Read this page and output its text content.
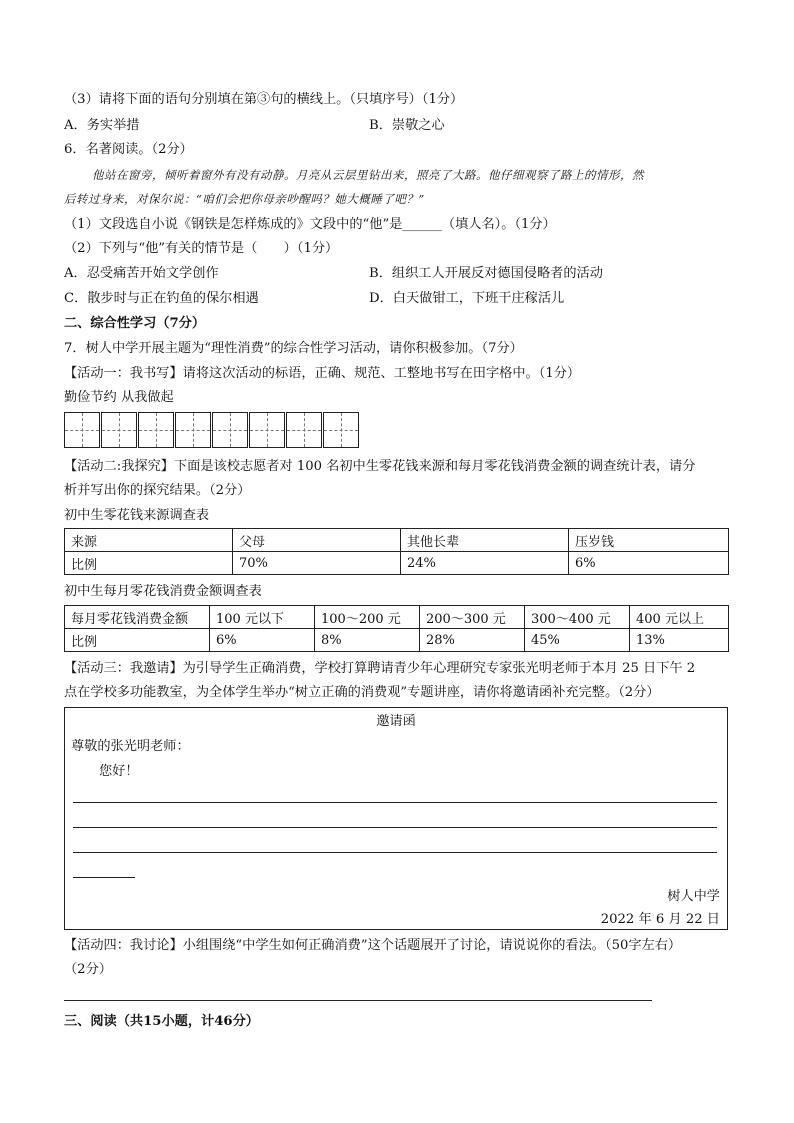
（3）请将下面的语句分别填在第③句的横线上。（只填序号）（1分）
A．务实举措	B．崇敬之心
6．名著阅读。（2分）
他站在窗旁，倾听着窗外有没有动静。月亮从云层里钻出来，照亮了大路。他仔细观察了路上的情形，然
后转过身来，对保尔说：“咱们会把你母亲吵醒吗？她大概睡了吧？”
（1）文段选自小说《钢铁是怎样炼成的》文段中的“他”是______（填人名）。（1分）
（2）下列与“他”有关的情节是（　　）（1分）
A．忍受痛苦开始文学创作	B．组织工人开展反对德国侵略者的活动
C．散步时与正在钓鱼的保尔相遇	D．白天做钳工，下班干庄稼活儿
二、综合性学习（7分）
7．树人中学开展主题为“理性消费”的综合性学习活动，请你积极参加。（7分）
【活动一：我书写】请将这次活动的标语，正确、规范、工整地书写在田字格中。（1分）
勤俭节约 从我做起
【活动二:我探究】下面是该校志愿者对 100 名初中生零花钱来源和每月零花钱消费金额的调查统计表，请分
析并写出你的探究结果。（2分）
初中生零花钱来源调查表
来源	父母	其他长辈	压岁钱
比例	70%	24%	6%
初中生每月零花钱消费金额调查表
每月零花钱消费金额	100 元以下	100～200 元	200～300 元	300～400 元	400 元以上
比例	6%	8%	28%	45%	13%
【活动三：我邀请】为引导学生正确消费，学校打算聘请青少年心理研究专家张光明老师于本月 25 日下午 2
点在学校多功能教室，为全体学生举办“树立正确的消费观”专题讲座，请你将邀请函补充完整。（2分）
邀请函
尊敬的张光明老师：
您好！
树人中学
2022 年 6 月 22 日
【活动四：我讨论】小组围绕“中学生如何正确消费”这个话题展开了讨论，请说说你的看法。（50字左右）
（2分）
三、阅读（共15小题，计46分）
